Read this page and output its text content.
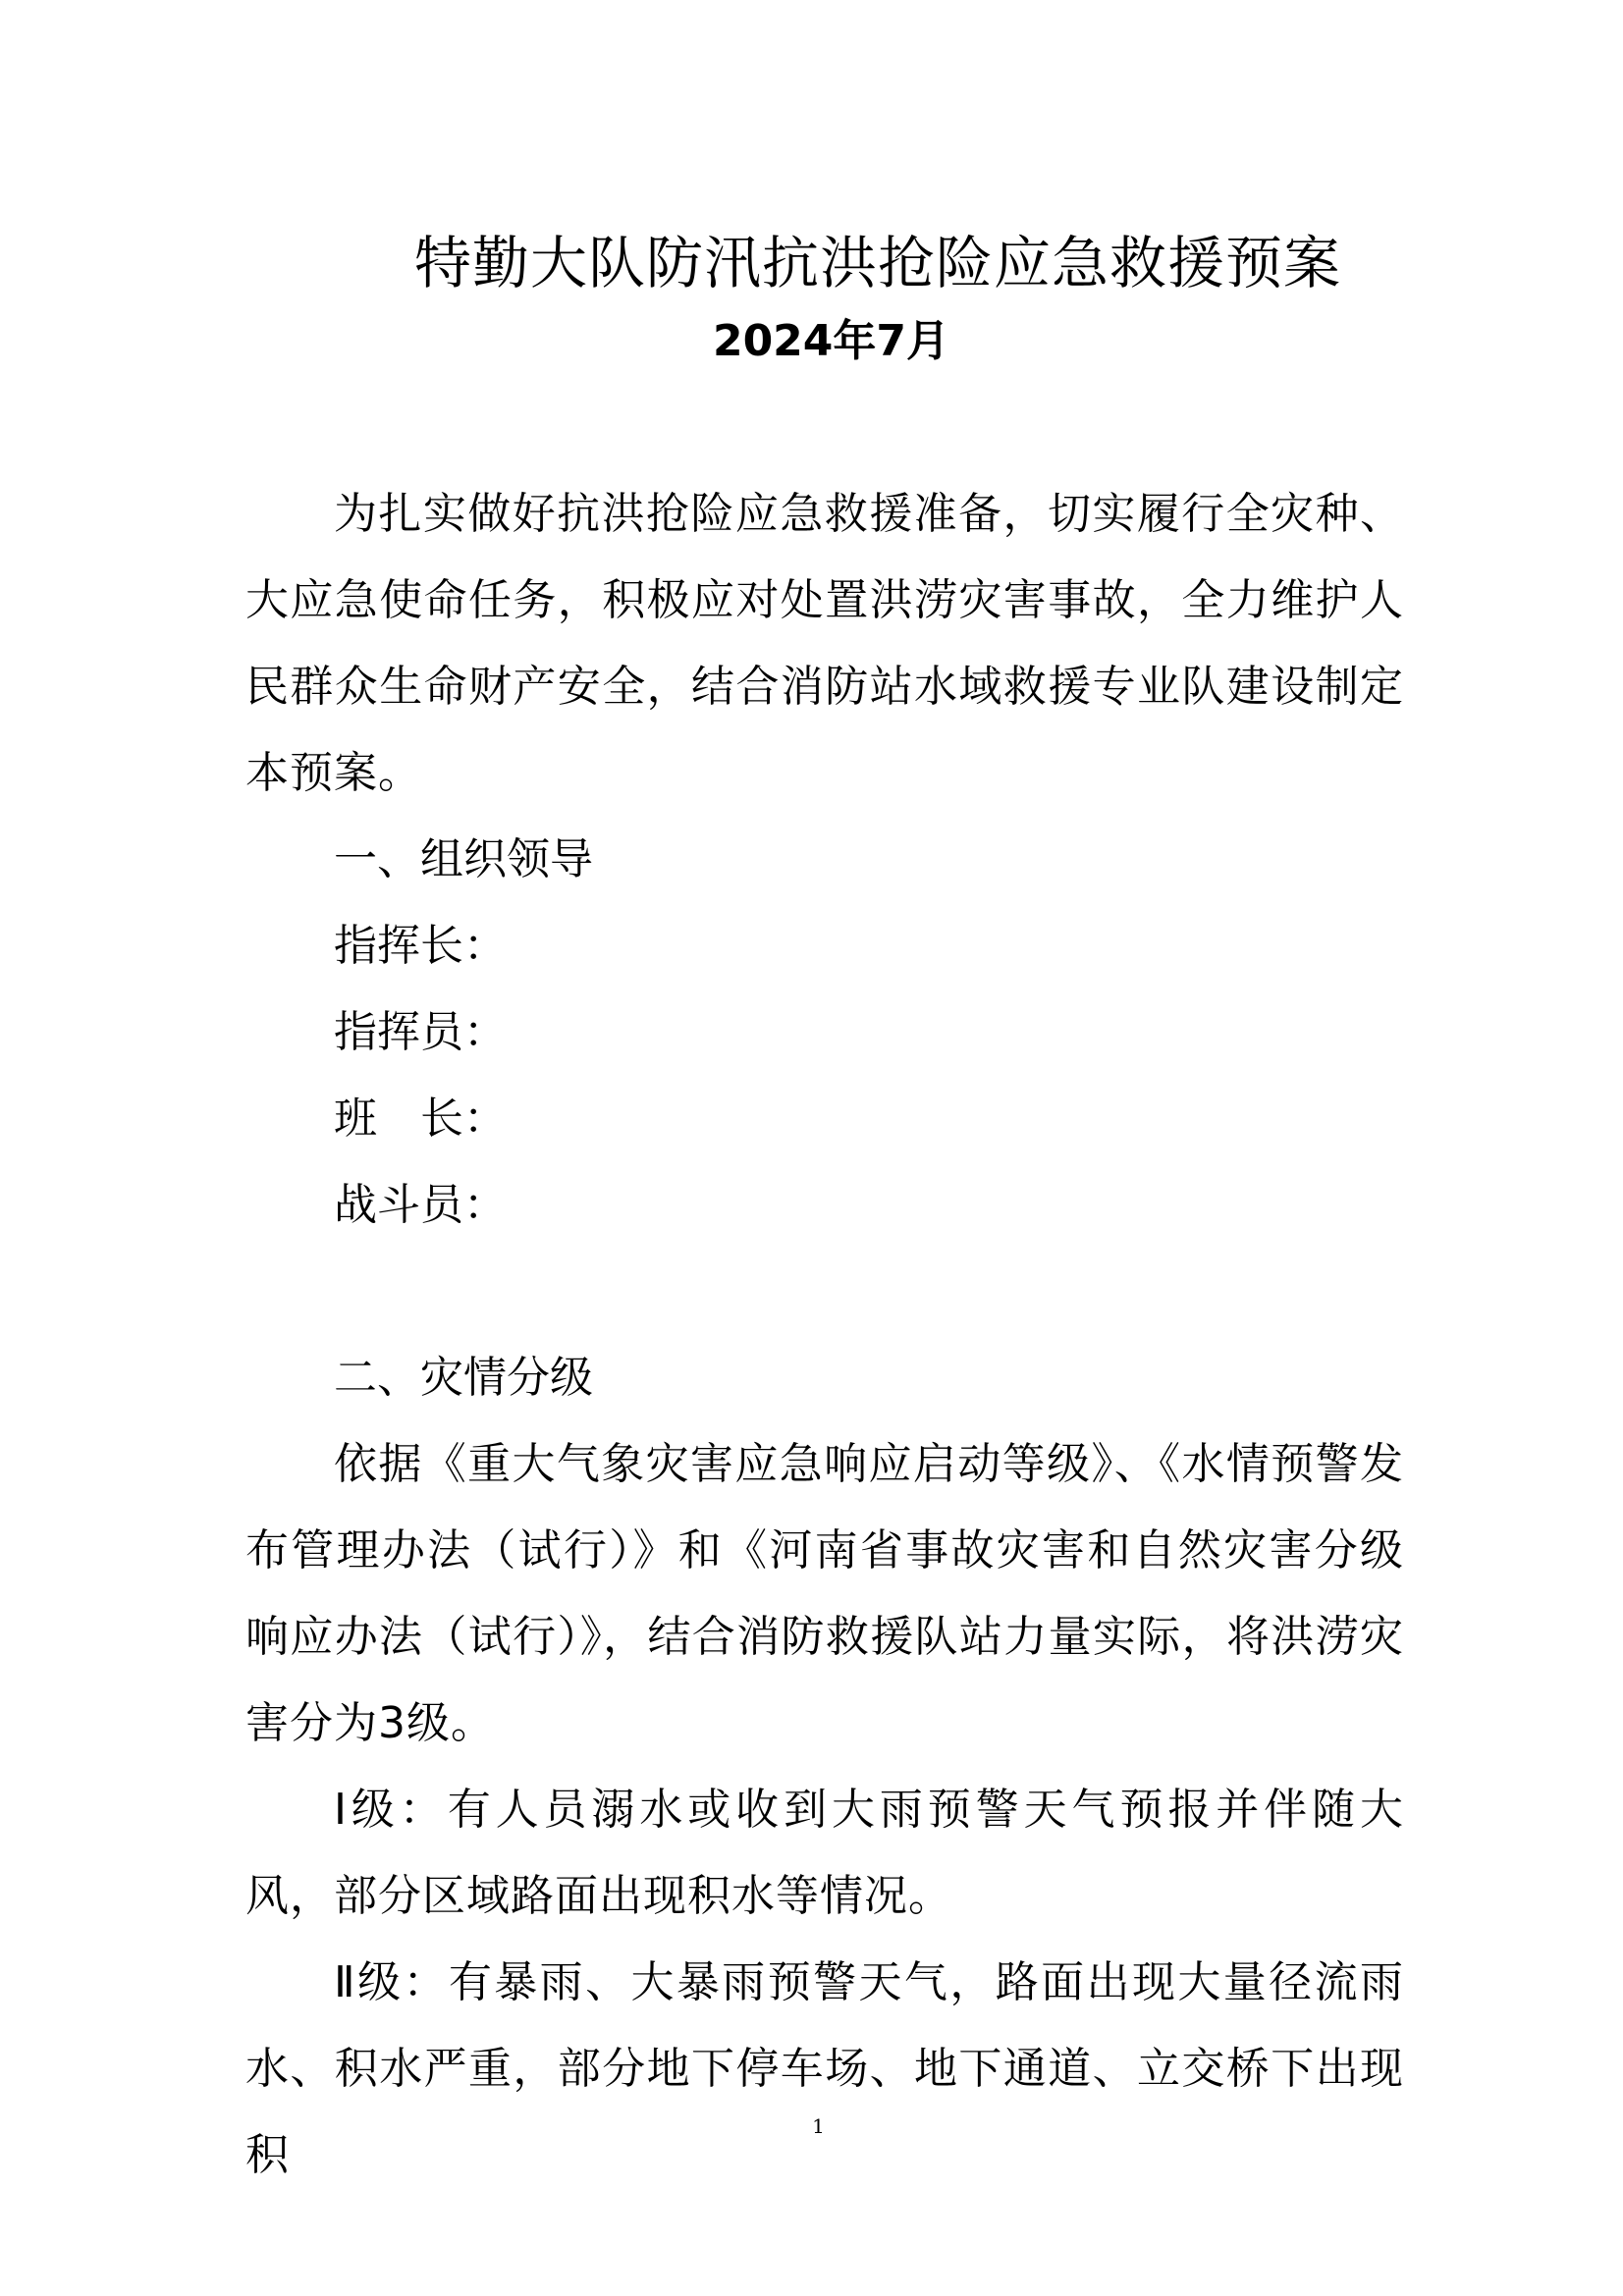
特勤大队防汛抗洪抢险应急救援预案
2024年7月

为扎实做好抗洪抢险应急救援准备，切实履行全灾种、大应急使命任务，积极应对处置洪涝灾害事故，全力维护人民群众生命财产安全，结合消防站水域救援专业队建设制定本预案。

一、组织领导

指挥长：

指挥员：

班　长：

战斗员：

二、灾情分级

依据《重大气象灾害应急响应启动等级》、《水情预警发布管理办法（试行）》和《河南省事故灾害和自然灾害分级响应办法（试行）》，结合消防救援队站力量实际，将洪涝灾害分为3级。

Ⅰ级：有人员溺水或收到大雨预警天气预报并伴随大风，部分区域路面出现积水等情况。

Ⅱ级：有暴雨、大暴雨预警天气，路面出现大量径流雨水、积水严重，部分地下停车场、地下通道、立交桥下出现积

1
